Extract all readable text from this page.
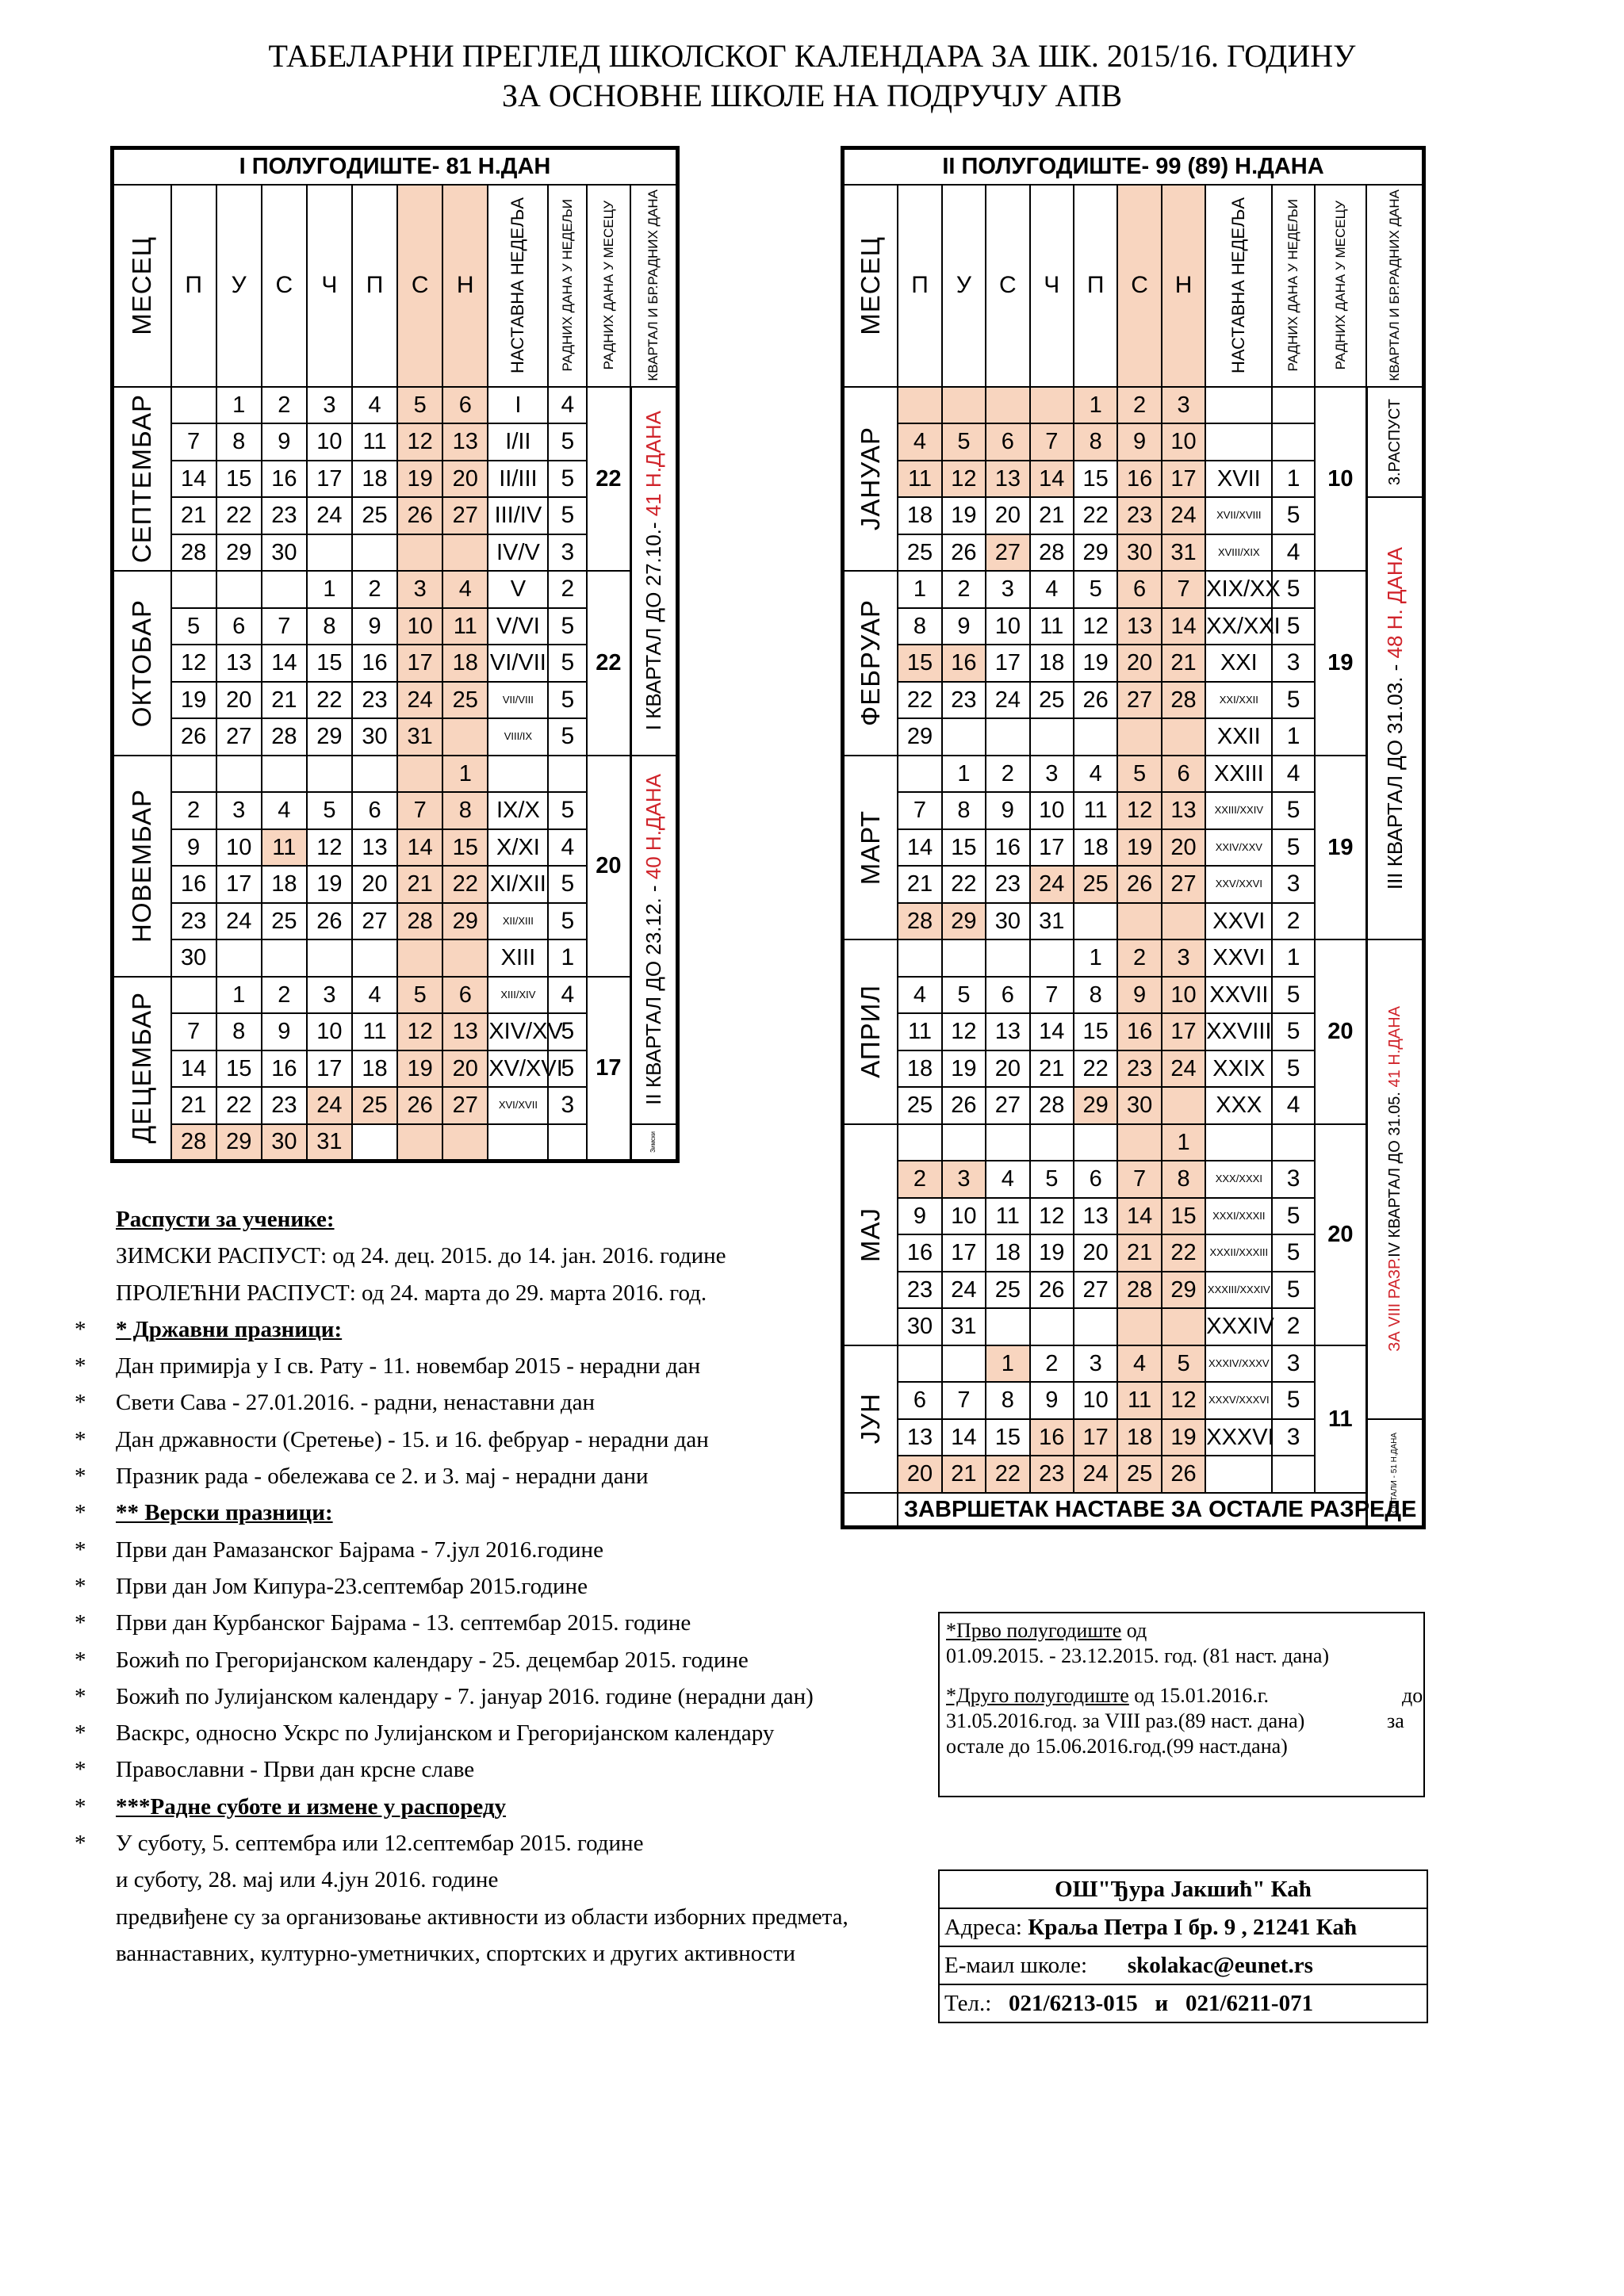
ТАБЕЛАРНИ ПРЕГЛЕД ШКОЛСКОГ КАЛЕНДАРА ЗА ШК. 2015/16. ГОДИНУ
ЗА ОСНОВНЕ ШКОЛЕ НА ПОДРУЧЈУ АПВ
I ПОЛУГОДИШТЕ- 81 Н.ДАН											

МЕСЕЦ	П	У	С	Ч	П	С	Н	НАСТАВНА НЕДЕЉА	РАДНИХ ДАНА У НЕДЕЉИ	РАДНИХ ДАНА У МЕСЕЦУ	КВАРТАЛ И БР.РАДНИХ ДАНА

СЕПТЕМБАР		1	2	3	4	5	6	I	4	22	I КВАРТАЛ ДО 27.10.- 41 Н.ДАНА

	7	8	9	10	11	12	13	I/II	5		
	14	15	16	17	18	19	20	II/III	5		
	21	22	23	24	25	26	27	III/IV	5		
	28	29	30					IV/V	3		

ОКТОБАР				1	2	3	4	V	2	22	
	5	6	7	8	9	10	11	V/VI	5		
	12	13	14	15	16	17	18	VI/VII	5		
	19	20	21	22	23	24	25	VII/VIII	5		
	26	27	28	29	30	31		VIII/IX	5		

НОВЕМБАР							1			20	II КВАРТАЛ ДО 23.12. - 40 Н.ДАНА

	2	3	4	5	6	7	8	IX/X	5		
	9	10	11	12	13	14	15	X/XI	4		
	16	17	18	19	20	21	22	XI/XII	5		
	23	24	25	26	27	28	29	XII/XIII	5		
	30							XIII	1		

ДЕЦЕМБАР		1	2	3	4	5	6	XIII/XIV	4	17	
	7	8	9	10	11	12	13	XIV/XV	5		
	14	15	16	17	18	19	20	XV/XVI	5		
	21	22	23	24	25	26	27	XVI/XVII	3		
	28	29	30	31							Зимски
II ПОЛУГОДИШТЕ- 99 (89) Н.ДАНА											

МЕСЕЦ	П	У	С	Ч	П	С	Н	НАСТАВНА НЕДЕЉА	РАДНИХ ДАНА У НЕДЕЉИ	РАДНИХ ДАНА У МЕСЕЦУ	КВАРТАЛ И БР.РАДНИХ ДАНА

ЈАНУАР					1	2	3			10	3.РАСПУСТ

	4	5	6	7	8	9	10				
	11	12	13	14	15	16	17	XVII	1		
	18	19	20	21	22	23	24	XVII/XVIII	5		III КВАРТАЛ ДО 31.03. - 48 Н. ДАНА

	25	26	27	28	29	30	31	XVIII/XIX	4		

ФЕБРУАР	1	2	3	4	5	6	7	XIX/XX	5	19	
	8	9	10	11	12	13	14	XX/XXI	5		
	15	16	17	18	19	20	21	XXI	3		
	22	23	24	25	26	27	28	XXI/XXII	5		
	29							XXII	1		

МАРТ		1	2	3	4	5	6	XXIII	4	19	
	7	8	9	10	11	12	13	XXIII/XXIV	5		
	14	15	16	17	18	19	20	XXIV/XXV	5		
	21	22	23	24	25	26	27	XXV/XXVI	3		
	28	29	30	31				XXVI	2		

АПРИЛ					1	2	3	XXVI	1	20	ЗА VIII РАЗР.IV КВАРТАЛ ДО 31.05. 41 Н.ДАНА

	4	5	6	7	8	9	10	XXVII	5		
	11	12	13	14	15	16	17	XXVIII	5		
	18	19	20	21	22	23	24	XXIX	5		
	25	26	27	28	29	30		XXX	4		

МАЈ							1			20	
	2	3	4	5	6	7	8	XXX/XXXI	3		
	9	10	11	12	13	14	15	XXXI/XXXII	5		
	16	17	18	19	20	21	22	XXXII/XXXIII	5		
	23	24	25	26	27	28	29	XXXIII/XXXIV	5		
	30	31						XXXIV	2		

ЈУН			1	2	3	4	5	XXXIV/XXXV	3	11	
	6	7	8	9	10	11	12	XXXV/XXXVI	5		
	13	14	15	16	17	18	19	XXXVI	3		ОСТАЛИ - 51 Н.ДАНА

	20	21	22	23	24	25	26				
	ЗАВРШЕТАК НАСТАВЕ ЗА ОСТАЛЕ РАЗРЕДЕ										
Распусти за ученике:
ЗИМСКИ РАСПУСТ: од 24. дец. 2015. до 14. јан. 2016. године
ПРОЛЕЋНИ РАСПУСТ: од 24. марта до 29. марта 2016. год.
* * Државни празници:
* Дан примирја у I св. Рату - 11. новембар 2015 - нерадни дан
* Свети Сава - 27.01.2016. - радни, ненаставни дан
* Дан државности (Сретење) - 15. и 16. фебруар - нерадни дан
* Празник рада - обележава се 2. и 3. мај - нерадни дани
* ** Верски празници:
* Први дан Рамазанског Бајрама - 7.јул 2016.године
* Први дан Јом Кипура-23.септембар 2015.године
* Први дан Курбанског Бајрама - 13. септембар 2015. године
* Божић по Грегоријанском календару - 25. децембар 2015. године
* Божић по Јулијанском календару - 7. јануар 2016. године (нерадни дан)
* Васкрс, односно Ускрс по Јулијанском и Грегоријанском календару
* Православни - Први дан крсне славе
* ***Радне суботе и измене у распореду
* У суботу, 5. септембра или 12.септембар 2015. године
и суботу, 28. мај или 4.јун 2016. године
предвиђене су за организовање активности из области изборних предмета,
ваннаставних, културно-уметничких, спортских и других активности
*Прво полугодиште од
01.09.2015. - 23.12.2015. год. (81 наст. дана)
*Друго полугодиште од 15.01.2016.г.	до
31.05.2016.год. за VIII раз.(89 наст. дана)	за
остале до 15.06.2016.год.(99 наст.дана)
ОШ"Ђура Јакшић" Каћ
Адреса: Краља Петра I бр. 9 , 21241 Каћ
Е-маил школе: skolakac@eunet.rs
Тел.: 021/6213-015 и 021/6211-071
